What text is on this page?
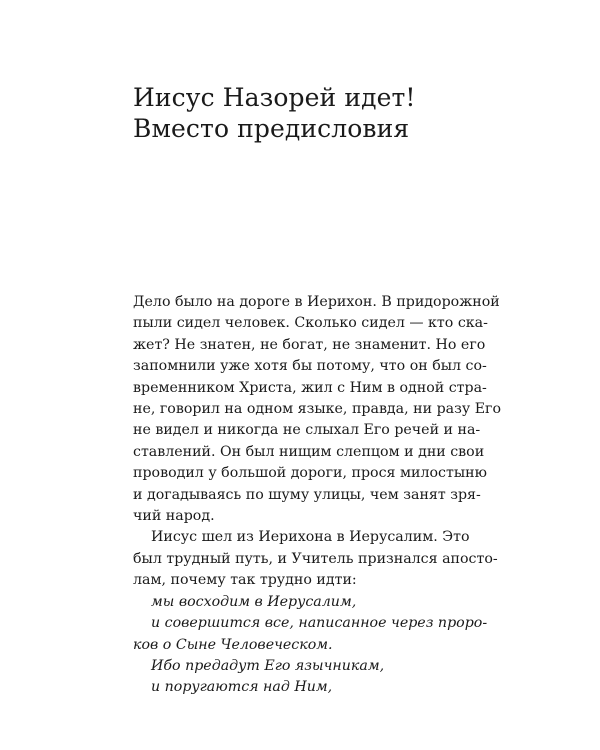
Иисус Назорей идет!
Вместо предисловия
Дело было на дороге в Иерихон. В придорожной
пыли сидел человек. Сколько сидел — кто ска-
жет? Не знатен, не богат, не знаменит. Но его
запомнили уже хотя бы потому, что он был со-
временником Христа, жил с Ним в одной стра-
не, говорил на одном языке, правда, ни разу Его
не видел и никогда не слыхал Его речей и на-
ставлений. Он был нищим слепцом и дни свои
проводил у большой дороги, прося милостыню
и догадываясь по шуму улицы, чем занят зря-
чий народ.
Иисус шел из Иерихона в Иерусалим. Это
был трудный путь, и Учитель признался апосто-
лам, почему так трудно идти:
мы восходим в Иерусалим,
и совершится все, написанное через проро-
ков о Сыне Человеческом.
Ибо предадут Его язычникам,
и поругаются над Ним,
